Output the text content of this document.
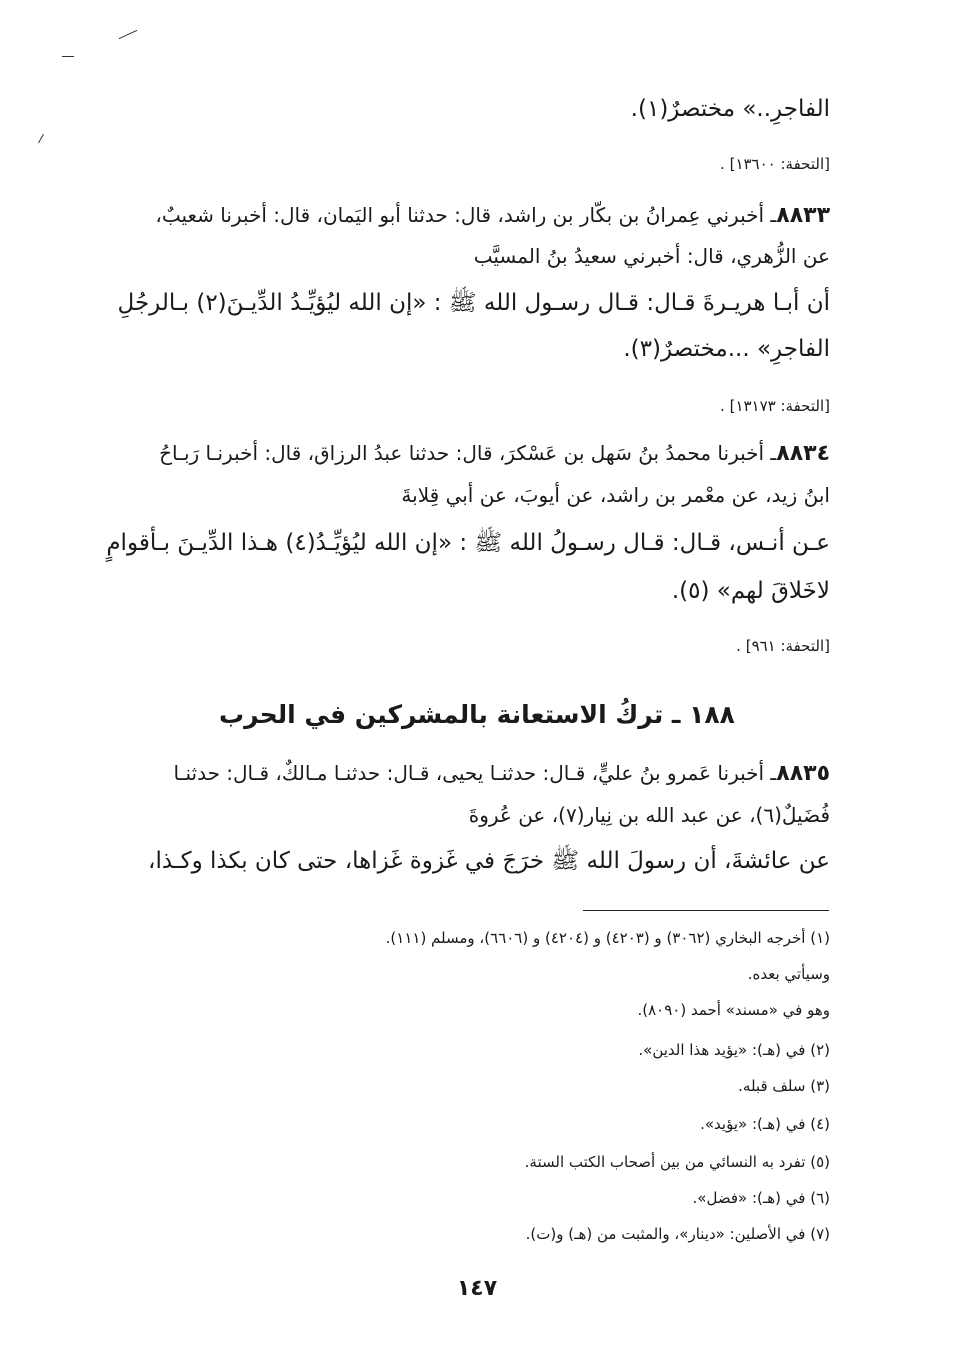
الفاجرِ..» مختصرٌ(١).
[التحفة: ١٣٦٠٠] .
٨٨٣٣ـ أخبرني عِمرانُ بن بكّار بن راشد، قال: حدثنا أبو اليَمان، قال: أخبرنا شعيبٌ،
عن الزُّهري، قال: أخبرني سعيدُ بنُ المسيَّب
أن أبـا هريـرةَ قـال: قـال رسـول الله ﷺ : «إن الله ليُؤيِّـدُ الدِّيـنَ(٢) بـالرجُلِ
الفاجرِ» ...مختصرٌ(٣).
[التحفة: ١٣١٧٣] .
٨٨٣٤ـ أخبرنا محمدُ بنُ سَهل بن عَسْكرَ، قال: حدثنا عبدُ الرزاق، قال: أخبرنـا رَبـاحُ
ابنُ زيد، عن معْمر بن راشد، عن أيوبَ، عن أبي قِلابةَ
عـن أنـس، قـال: قـال رسـولُ الله ﷺ : «إن الله ليُؤيِّـدُ(٤) هـذا الدِّيـنَ بـأقوامٍ
لاخَلاقَ لهم» (٥).
[التحفة: ٩٦١] .
١٨٨ ـ تركُ الاستعانة بالمشركين في الحرب
٨٨٣٥ـ أخبرنا عَمرو بنُ عليٍّ، قـال: حدثنـا يحيى، قـال: حدثنـا مـالكٌ، قـال: حدثنـا
فُضَيلٌ(٦)، عن عبد الله بن نِيار(٧)، عن عُروةَ
عن عائشةَ، أن رسولَ الله ﷺ خرَجَ في غَزوة غَزاها، حتى كان بكذا وكـذا،
(١) أخرجه البخاري (٣٠٦٢) و (٤٢٠٣) و (٤٢٠٤) و (٦٦٠٦)، ومسلم (١١١).
وسيأتي بعده.
وهو في «مسند» أحمد (٨٠٩٠).
(٢) في (هـ): «يؤيد هذا الدين».
(٣) سلف قبله.
(٤) في (هـ): «يؤيد».
(٥) تفرد به النسائي من بين أصحاب الكتب الستة.
(٦) في (هـ): «فضل».
(٧) في الأصلين: «دينار»، والمثبت من (هـ) و(ت).
١٤٧
